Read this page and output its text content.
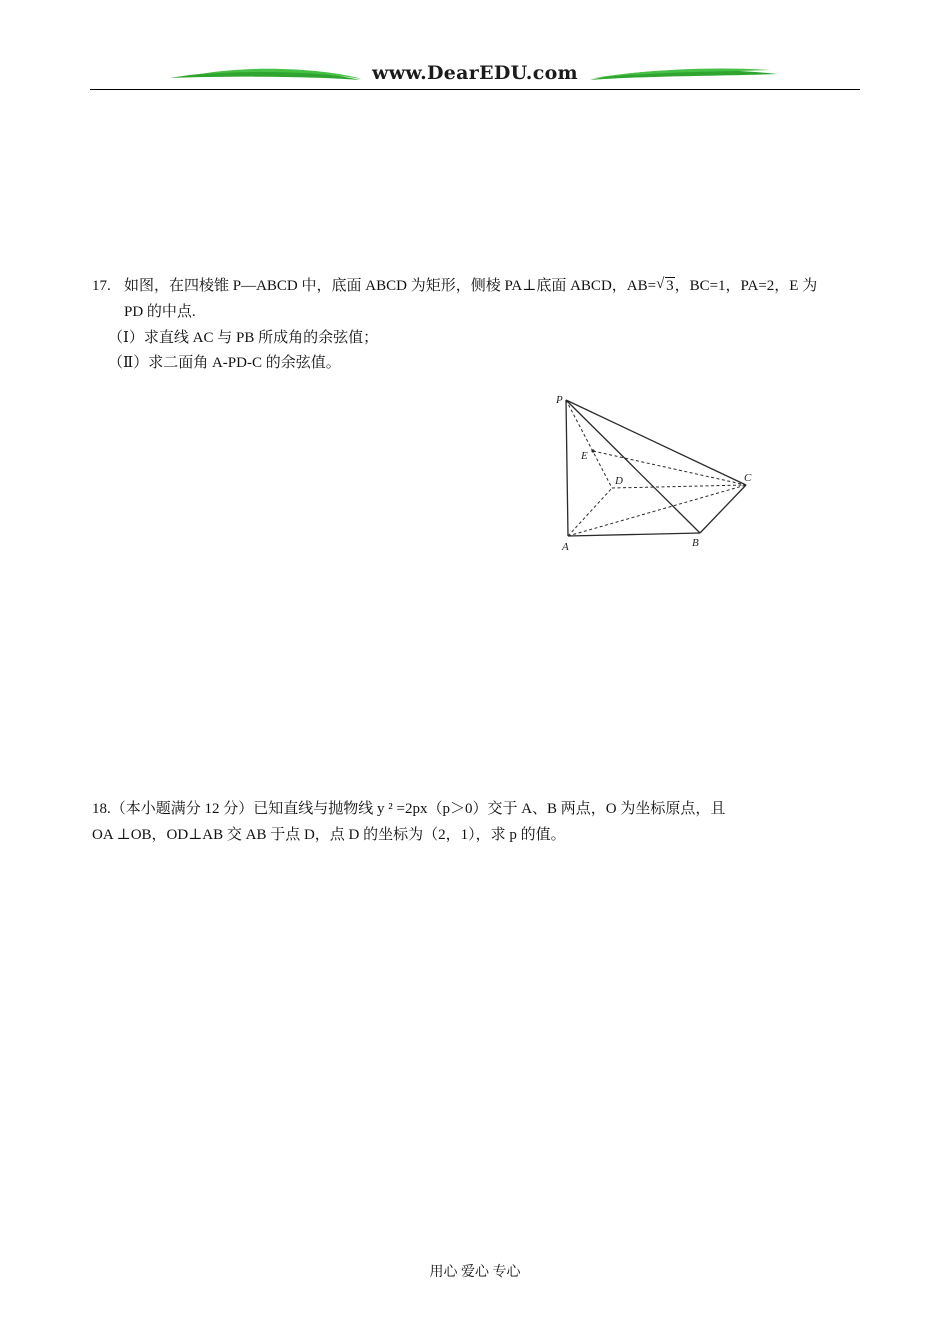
www.DearEDU.com
17. 如图，在四棱锥 P—ABCD 中，底面 ABCD 为矩形，侧棱 PA⊥底面 ABCD，AB= √ 3，BC=1，PA=2，E 为
PD 的中点.
（Ⅰ）求直线 AC 与 PB 所成角的余弦值；
（Ⅱ）求二面角 A-PD-C 的余弦值。
P
E
D	C
A	B
18.（本小题满分 12 分）已知直线与抛物线 y ² =2px（p＞0）交于 A、B 两点，O 为坐标原点，且
OA ⊥OB，OD⊥AB 交 AB 于点 D，点 D 的坐标为（2，1），求 p 的值。
用心 爱心 专心
